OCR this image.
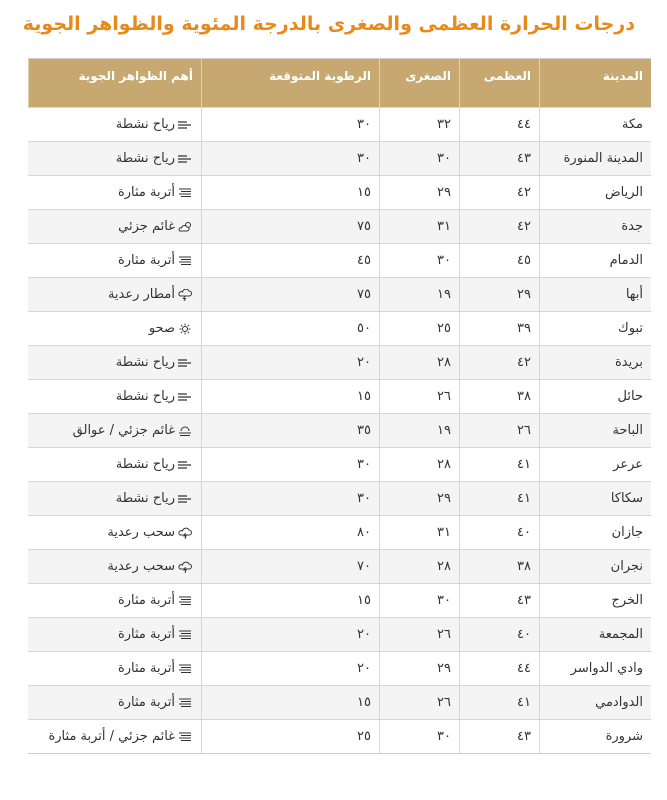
درجات الحرارة العظمى والصغرى بالدرجة المئوية والظواهر الجوية
المدينة
العظمى
الصغرى
الرطوبة المتوقعة
أهم الظواهر الجوية
مكة
٤٤
٣٢
٣٠
رياح نشطة
المدينة المنورة
٤٣
٣٠
٣٠
رياح نشطة
الرياض
٤٢
٢٩
١٥
أتربة مثارة
جدة
٤٢
٣١
٧٥
غائم جزئي
الدمام
٤٥
٣٠
٤٥
أتربة مثارة
أبها
٢٩
١٩
٧٥
أمطار رعدية
تبوك
٣٩
٢٥
٥٠
صحو
بريدة
٤٢
٢٨
٢٠
رياح نشطة
حائل
٣٨
٢٦
١٥
رياح نشطة
الباحة
٢٦
١٩
٣٥
غائم جزئي / عوالق
عرعر
٤١
٢٨
٣٠
رياح نشطة
سكاكا
٤١
٢٩
٣٠
رياح نشطة
جازان
٤٠
٣١
٨٠
سحب رعدية
نجران
٣٨
٢٨
٧٠
سحب رعدية
الخرج
٤٣
٣٠
١٥
أتربة مثارة
المجمعة
٤٠
٢٦
٢٠
أتربة مثارة
وادي الدواسر
٤٤
٢٩
٢٠
أتربة مثارة
الدوادمي
٤١
٢٦
١٥
أتربة مثارة
شرورة
٤٣
٣٠
٢٥
غائم جزئي / أتربة مثارة
